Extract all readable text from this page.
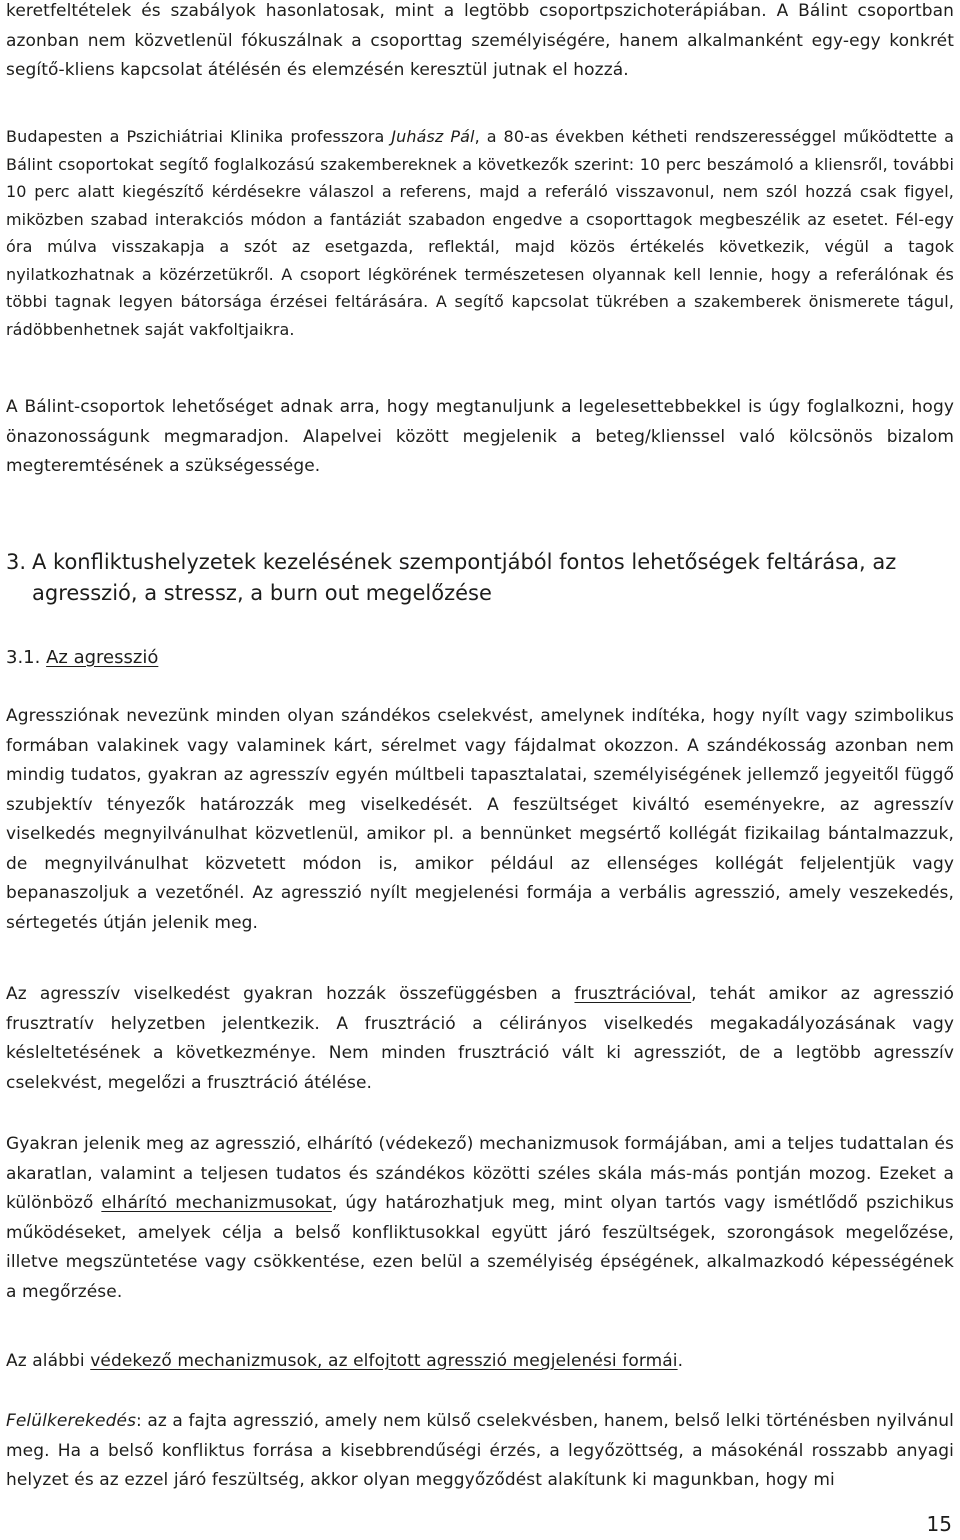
keretfeltételek és szabályok hasonlatosak, mint a legtöbb csoportpszichoterápiában. A Bálint csoportban azonban nem közvetlenül fókuszálnak a csoporttag személyiségére, hanem alkalmanként egy-egy konkrét segítő-kliens kapcsolat átélésén és elemzésén keresztül jutnak el hozzá.

Budapesten a Pszichiátriai Klinika professzora Juhász Pál, a 80-as években kétheti rendszerességgel működtette a Bálint csoportokat segítő foglalkozású szakembereknek a következők szerint: 10 perc beszámoló a kliensről, további 10 perc alatt kiegészítő kérdésekre válaszol a referens, majd a referáló visszavonul, nem szól hozzá csak figyel, miközben szabad interakciós módon a fantáziát szabadon engedve a csoporttagok megbeszélik az esetet. Fél-egy óra múlva visszakapja a szót az esetgazda, reflektál, majd közös értékelés következik, végül a tagok nyilatkozhatnak a közérzetükről. A csoport légkörének természetesen olyannak kell lennie, hogy a referálónak és többi tagnak legyen bátorsága érzései feltárására. A segítő kapcsolat tükrében a szakemberek önismerete tágul, rádöbbenhetnek saját vakfoltjaikra.

A Bálint-csoportok lehetőséget adnak arra, hogy megtanuljunk a legelesettebbekkel is úgy foglalkozni, hogy önazonosságunk megmaradjon. Alapelvei között megjelenik a beteg/klienssel való kölcsönös bizalom megteremtésének a szükségessége.

3. A konfliktushelyzetek kezelésének szempontjából fontos lehetőségek feltárása, az
agresszió, a stressz, a burn out megelőzése
3.1. Az agresszió

Agressziónak nevezünk minden olyan szándékos cselekvést, amelynek indítéka, hogy nyílt vagy szimbolikus formában valakinek vagy valaminek kárt, sérelmet vagy fájdalmat okozzon. A szándékosság azonban nem mindig tudatos, gyakran az agresszív egyén múltbeli tapasztalatai, személyiségének jellemző jegyeitől függő szubjektív tényezők határozzák meg viselkedését. A feszültséget kiváltó eseményekre, az agresszív viselkedés megnyilvánulhat közvetlenül, amikor pl. a bennünket megsértő kollégát fizikailag bántalmazzuk, de megnyilvánulhat közvetett módon is, amikor például az ellenséges kollégát feljelentjük vagy bepanaszoljuk a vezetőnél. Az agresszió nyílt megjelenési formája a verbális agresszió, amely veszekedés, sértegetés útján jelenik meg.

Az agresszív viselkedést gyakran hozzák összefüggésben a frusztrációval, tehát amikor az agresszió frusztratív helyzetben jelentkezik. A frusztráció a célirányos viselkedés megakadályozásának vagy késleltetésének a következménye. Nem minden frusztráció vált ki agressziót, de a legtöbb agresszív cselekvést, megelőzi a frusztráció átélése.

Gyakran jelenik meg az agresszió, elhárító (védekező) mechanizmusok formájában, ami a teljes tudattalan és akaratlan, valamint a teljesen tudatos és szándékos közötti széles skála más-más pontján mozog. Ezeket a különböző elhárító mechanizmusokat, úgy határozhatjuk meg, mint olyan tartós vagy ismétlődő pszichikus működéseket, amelyek célja a belső konfliktusokkal együtt járó feszültségek, szorongások megelőzése, illetve megszüntetése vagy csökkentése, ezen belül a személyiség épségének, alkalmazkodó képességének a megőrzése.

Az alábbi védekező mechanizmusok, az elfojtott agresszió megjelenési formái.

Felülkerekedés: az a fajta agresszió, amely nem külső cselekvésben, hanem, belső lelki történésben nyilvánul meg. Ha a belső konfliktus forrása a kisebbrendűségi érzés, a legyőzöttség, a másokénál rosszabb anyagi helyzet és az ezzel járó feszültség, akkor olyan meggyőződést alakítunk ki magunkban, hogy mi

15
